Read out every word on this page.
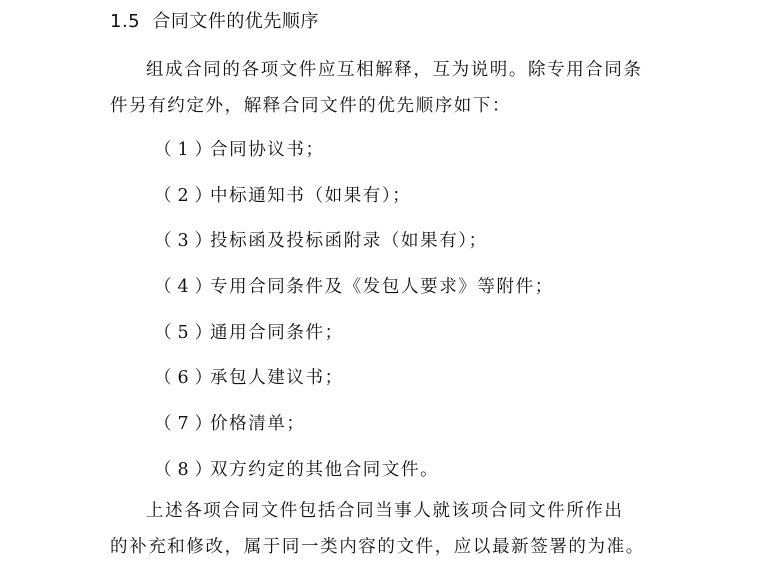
1.5 合同文件的优先顺序
组成合同的各项文件应互相解释，互为说明。除专用合同条
件另有约定外，解释合同文件的优先顺序如下：
（1）
合同协议书；
（2）
中标通知书（如果有）；
（3）
投标函及投标函附录（如果有）；
（4）
专用合同条件及《发包人要求》等附件；
（5）
通用合同条件；
（6）
承包人建议书；
（7）
价格清单；
（8）
双方约定的其他合同文件。
上述各项合同文件包括合同当事人就该项合同文件所作出
的补充和修改，属于同一类内容的文件，应以最新签署的为准。
